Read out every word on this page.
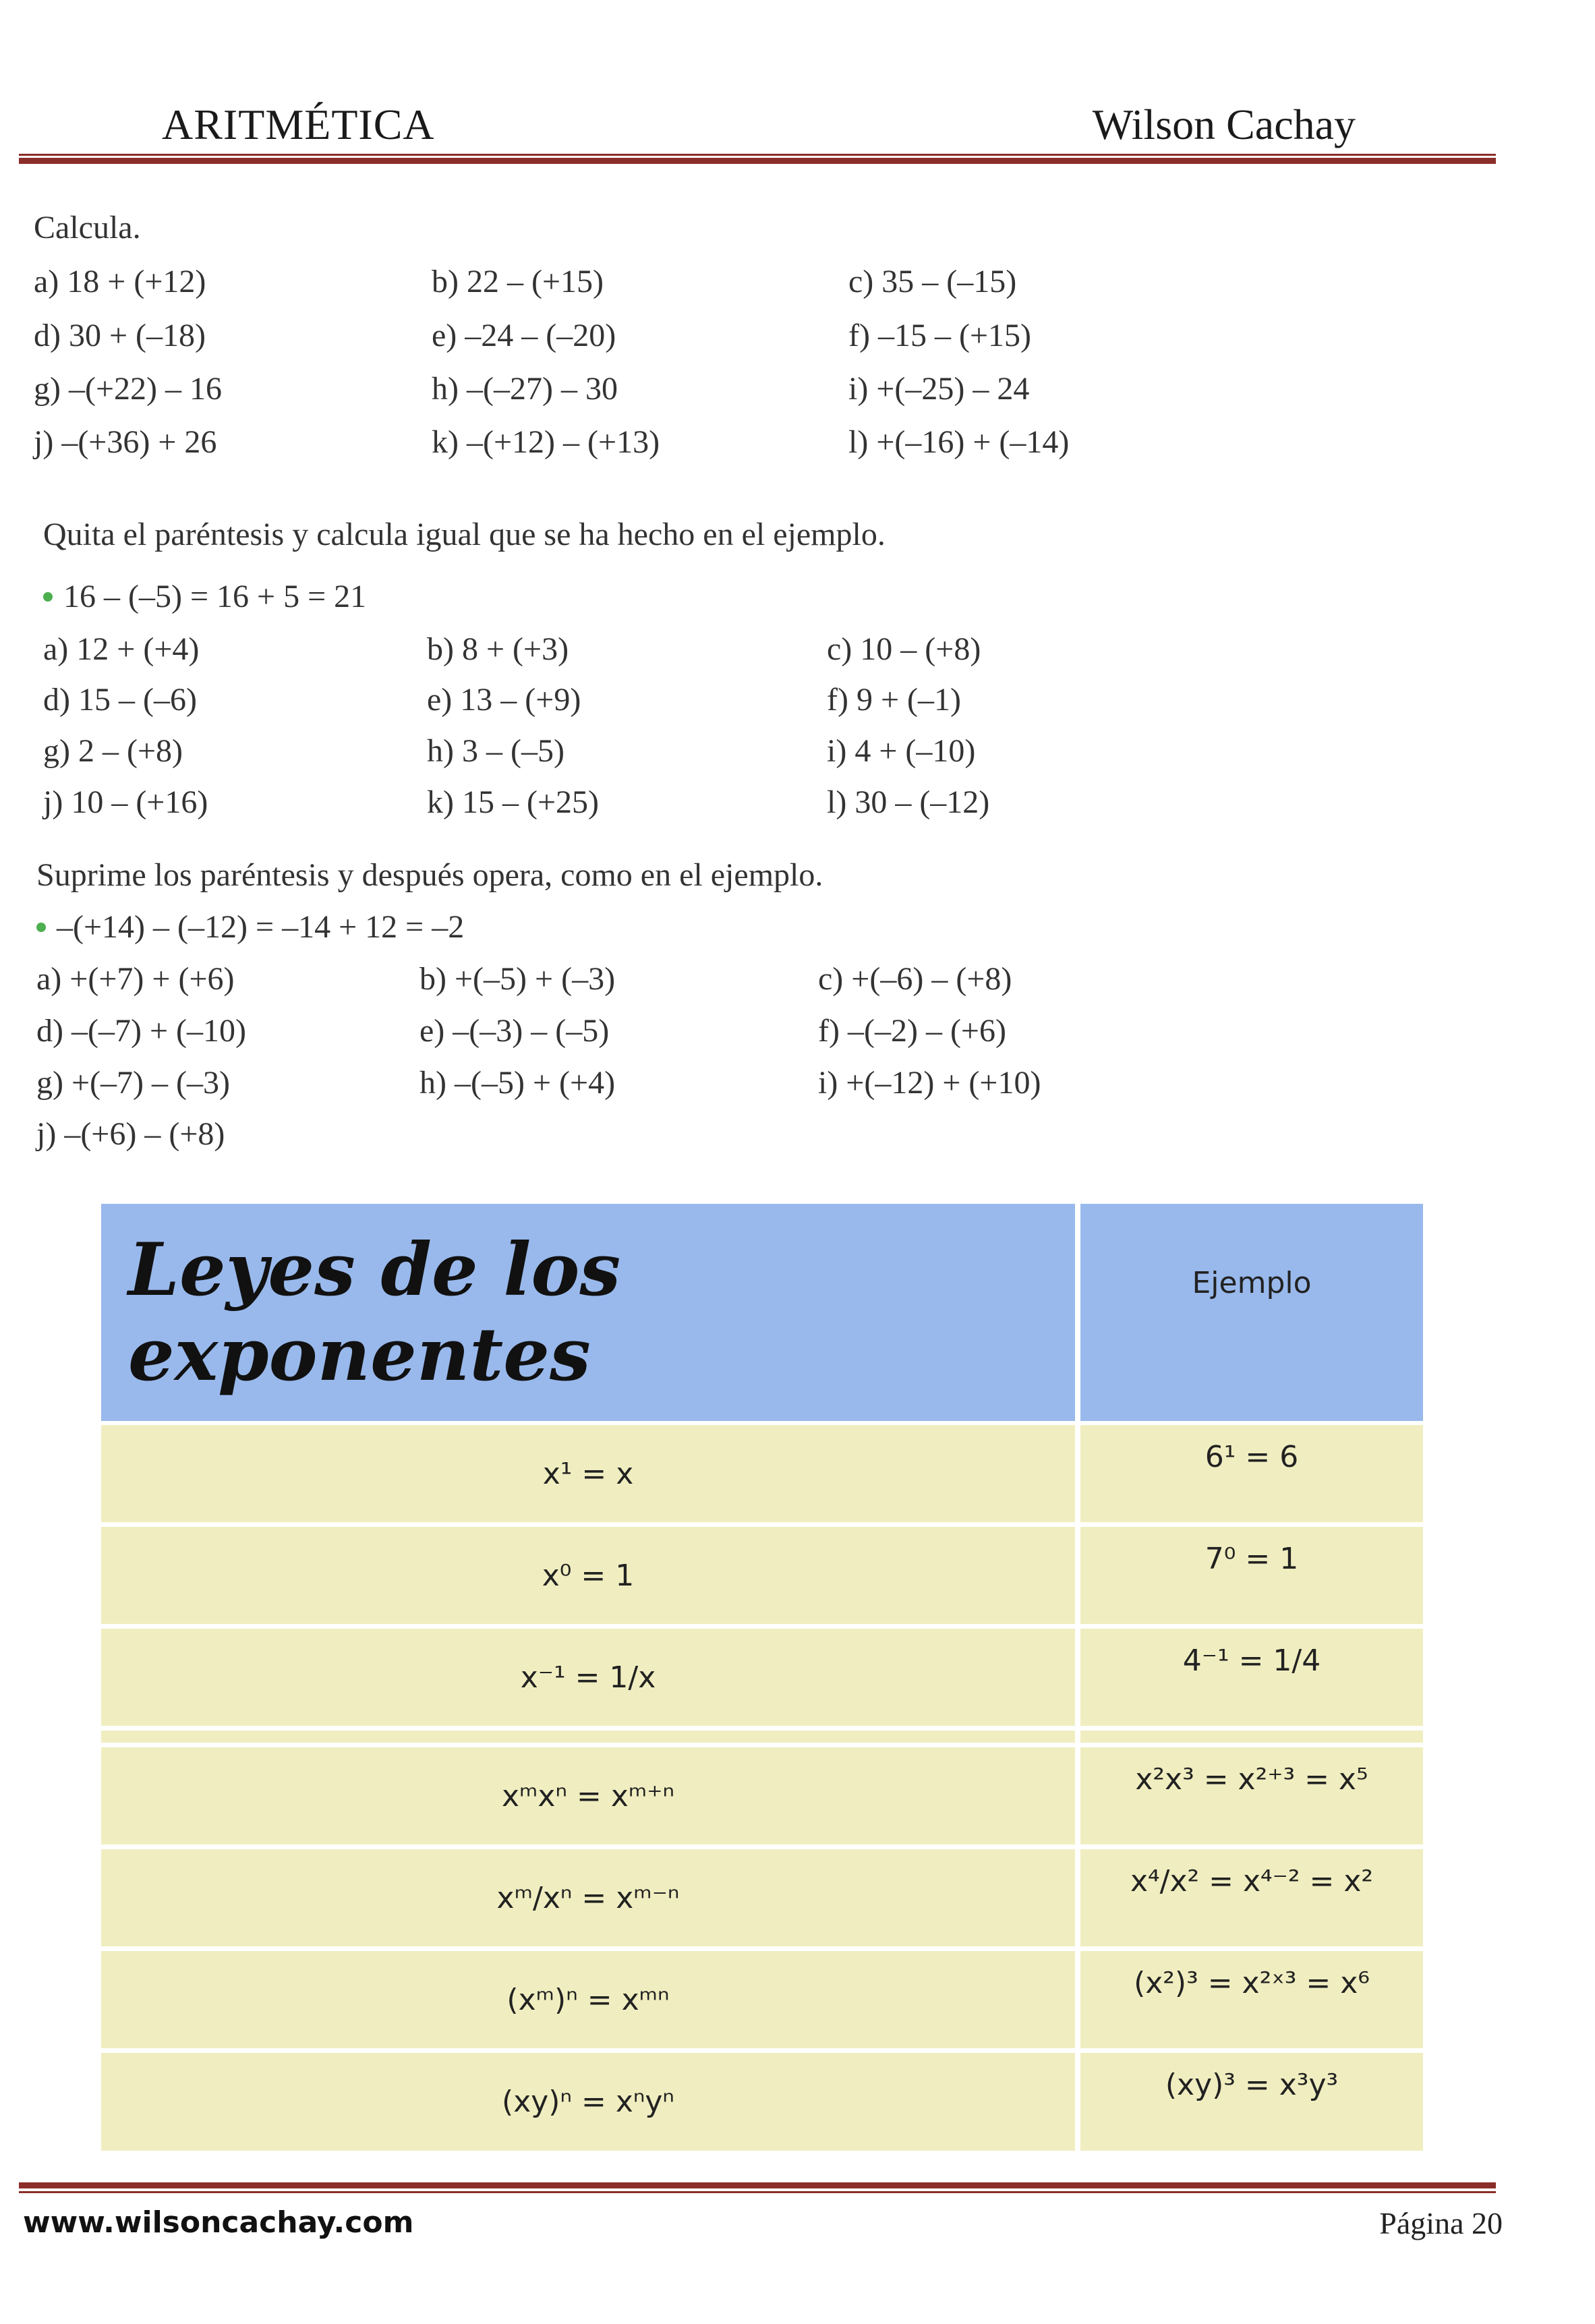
ARITMÉTICA	Wilson Cachay
Calcula.
a) 18 + (+12)	b) 22 – (+15)	c) 35 – (–15)
d) 30 + (–18)	e) –24 – (–20)	f) –15 – (+15)
g) –(+22) – 16	h) –(–27) – 30	i) +(–25) – 24
j) –(+36) + 26	k) –(+12) – (+13)	l) +(–16) + (–14)
Quita el paréntesis y calcula igual que se ha hecho en el ejemplo.
16 – (–5) = 16 + 5 = 21
a) 12 + (+4)	b) 8 + (+3)	c) 10 – (+8)
d) 15 – (–6)	e) 13 – (+9)	f) 9 + (–1)
g) 2 – (+8)	h) 3 – (–5)	i) 4 + (–10)
j) 10 – (+16)	k) 15 – (+25)	l) 30 – (–12)
Suprime los paréntesis y después opera, como en el ejemplo.
–(+14) – (–12) = –14 + 12 = –2
a) +(+7) + (+6)	b) +(–5) + (–3)	c) +(–6) – (+8)
d) –(–7) + (–10)	e) –(–3) – (–5)	f) –(–2) – (+6)
g) +(–7) – (–3)	h) –(–5) + (+4)	i) +(–12) + (+10)
j) –(+6) – (+8)
Leyes de los exponentes
Ejemplo
x¹ = x	6¹ = 6
x⁰ = 1	7⁰ = 1
x⁻¹ = 1/x	4⁻¹ = 1/4
xᵐxⁿ = xᵐ⁺ⁿ	x²x³ = x²⁺³ = x⁵
xᵐ/xⁿ = xᵐ⁻ⁿ	x⁴/x² = x⁴⁻² = x²
(xᵐ)ⁿ = xᵐⁿ	(x²)³ = x²ˣ³ = x⁶
(xy)ⁿ = xⁿyⁿ	(xy)³ = x³y³
www.wilsoncachay.com	Página 20
